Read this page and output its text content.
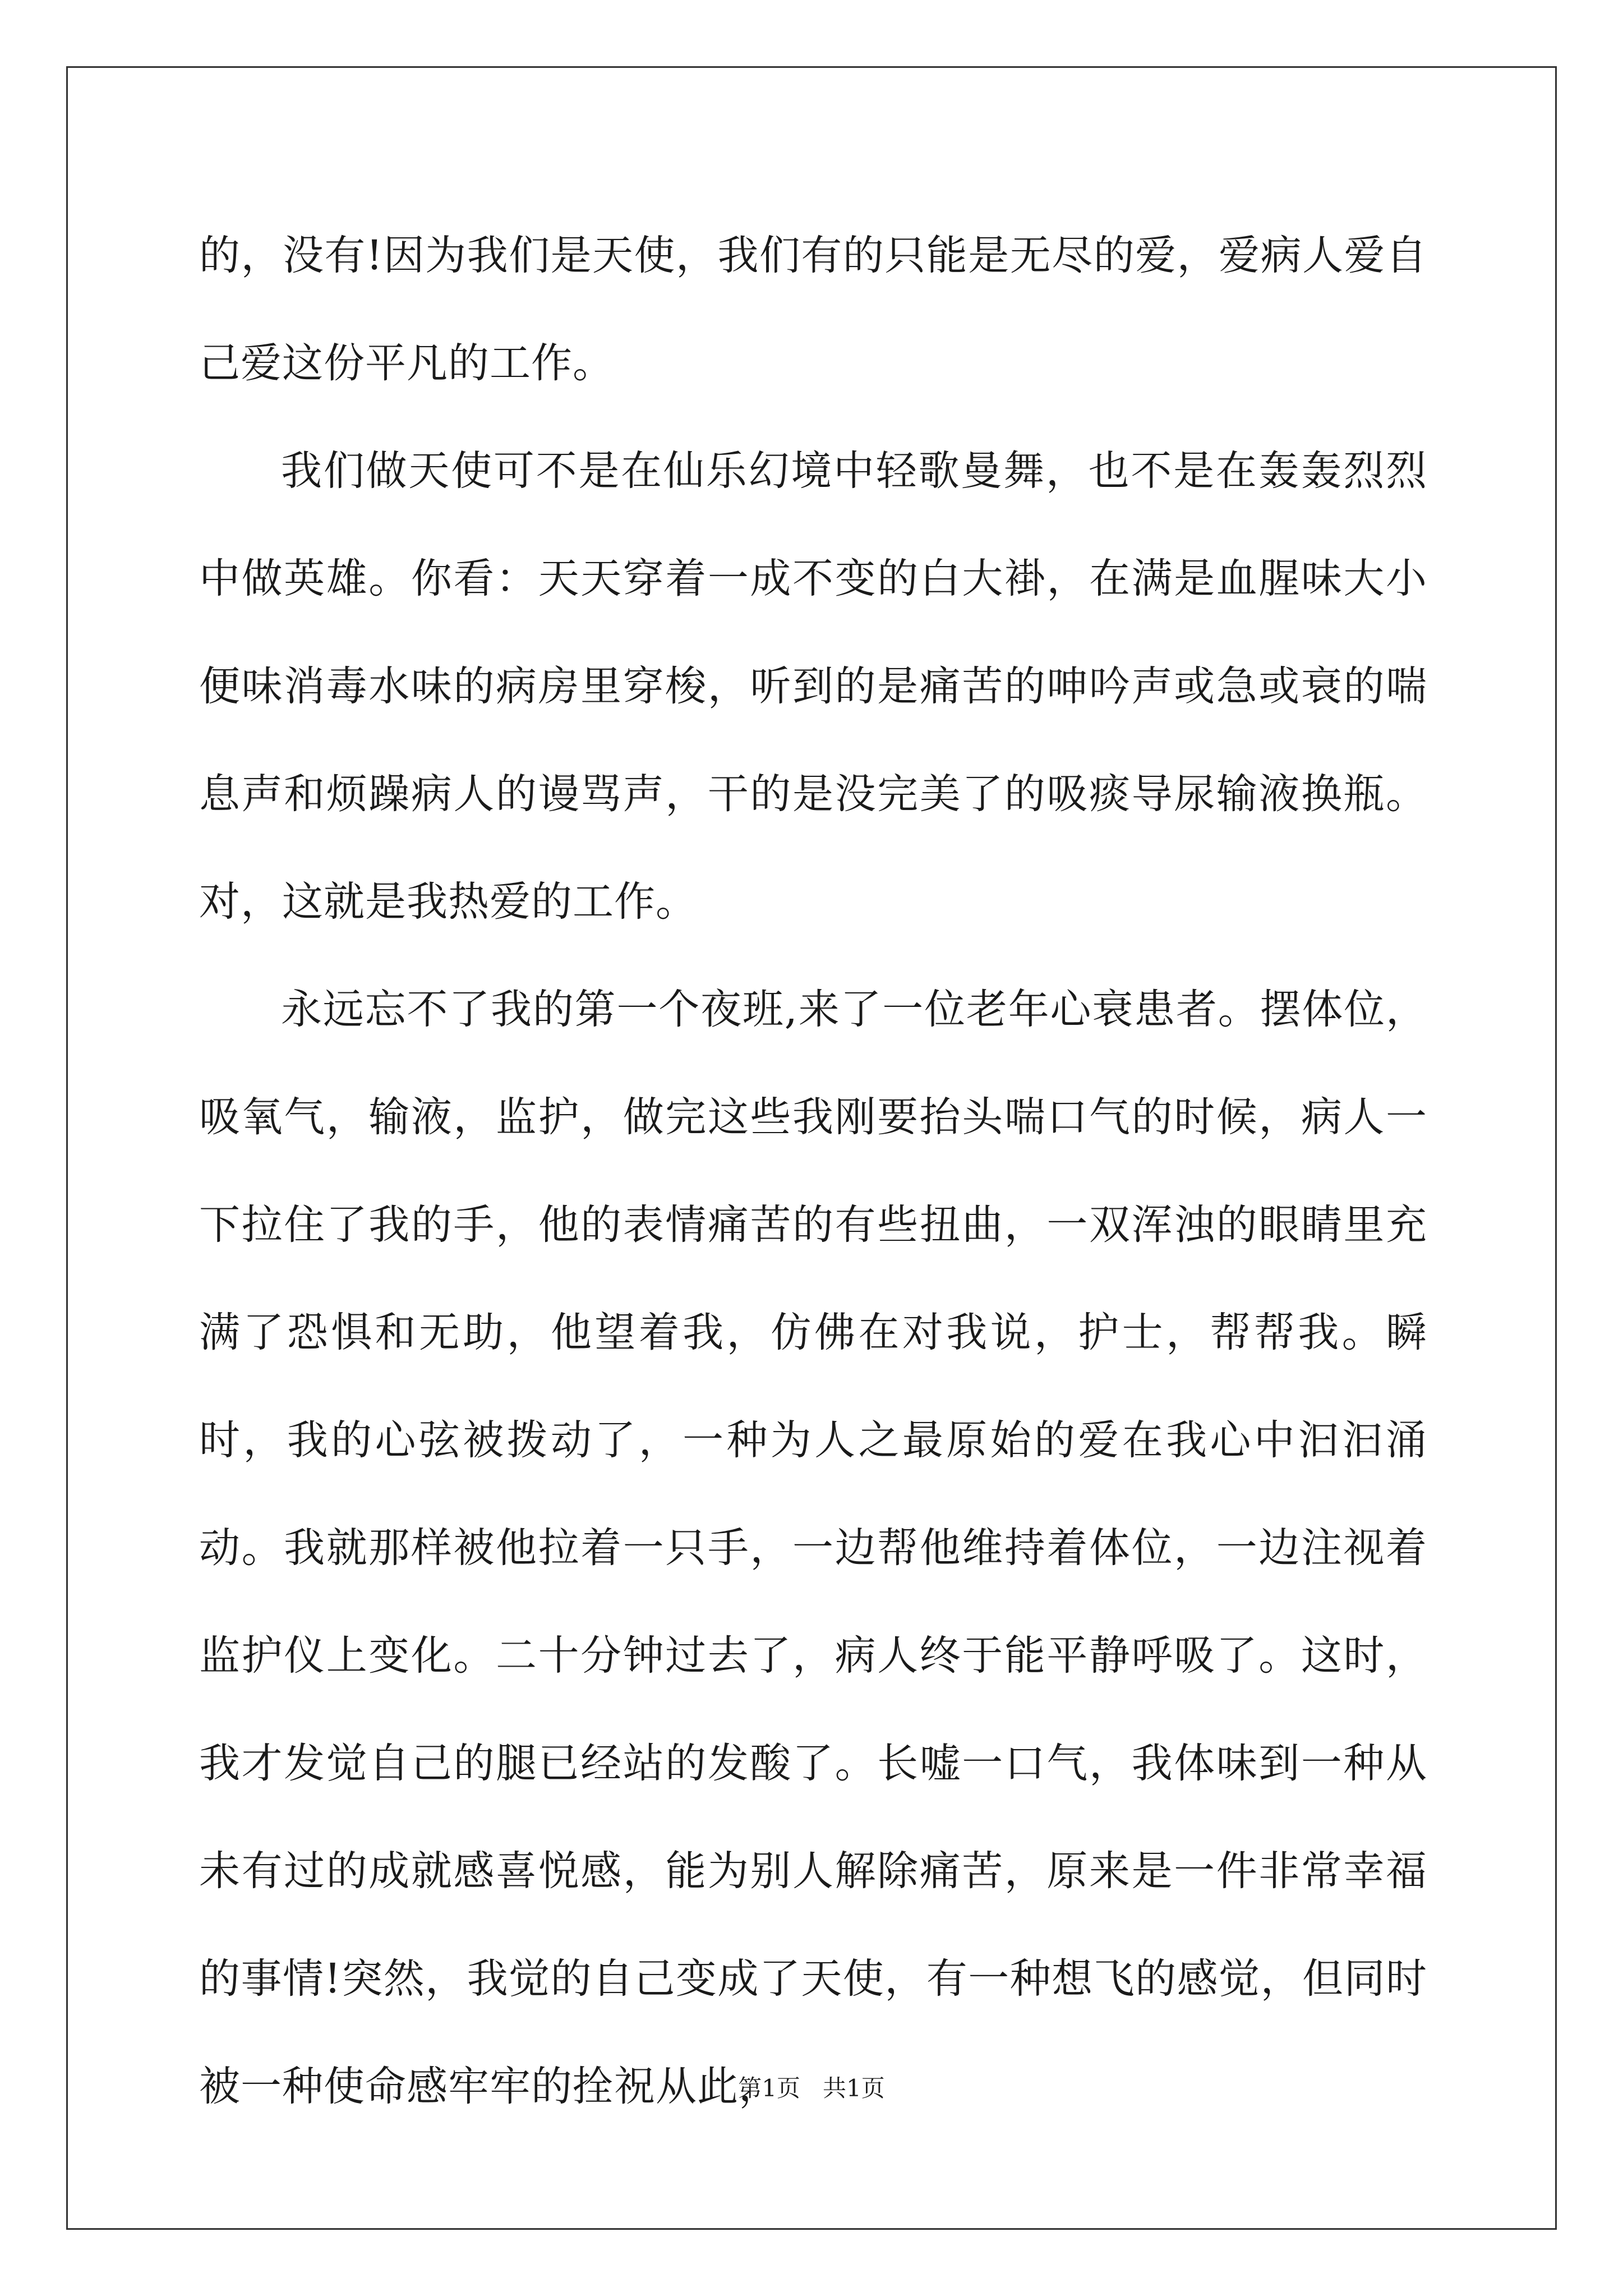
的，没有!因为我们是天使，我们有的只能是无尽的爱，爱病人爱自己爱这份平凡的工作。

我们做天使可不是在仙乐幻境中轻歌曼舞，也不是在轰轰烈烈中做英雄。你看：天天穿着一成不变的白大褂，在满是血腥味大小便味消毒水味的病房里穿梭，听到的是痛苦的呻吟声或急或衰的喘息声和烦躁病人的谩骂声，干的是没完美了的吸痰导尿输液换瓶。对，这就是我热爱的工作。

永远忘不了我的第一个夜班,来了一位老年心衰患者。摆体位，吸氧气，输液，监护，做完这些我刚要抬头喘口气的时候，病人一下拉住了我的手，他的表情痛苦的有些扭曲，一双浑浊的眼睛里充满了恐惧和无助，他望着我，仿佛在对我说，护士，帮帮我。瞬时，我的心弦被拨动了，一种为人之最原始的爱在我心中汩汩涌动。我就那样被他拉着一只手，一边帮他维持着体位，一边注视着监护仪上变化。二十分钟过去了，病人终于能平静呼吸了。这时，我才发觉自己的腿已经站的发酸了。长嘘一口气，我体味到一种从未有过的成就感喜悦感，能为别人解除痛苦，原来是一件非常幸福的事情!突然，我觉的自己变成了天使，有一种想飞的感觉，但同时被一种使命感牢牢的拴祝从此，

第1页   共1页
